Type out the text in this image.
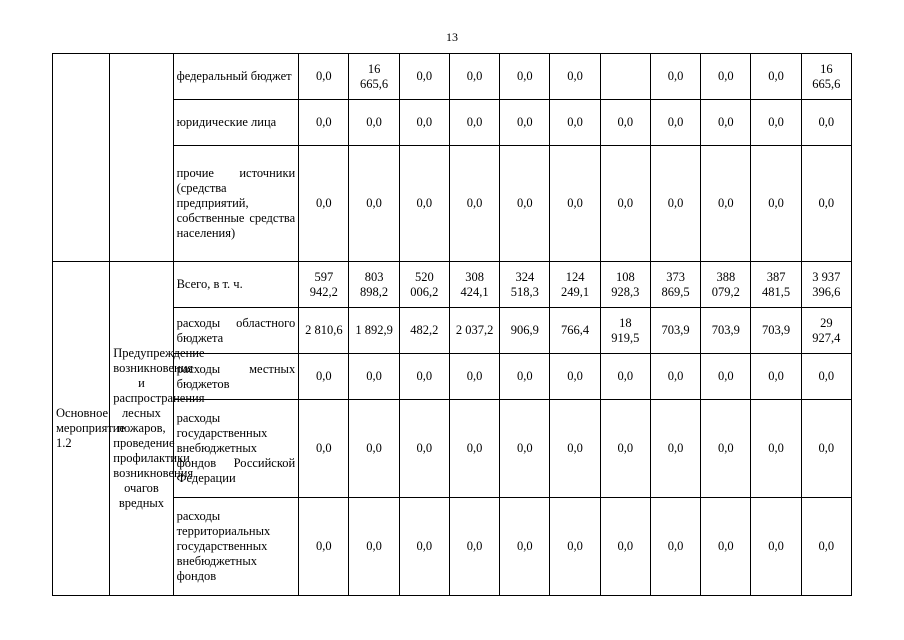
13
		федеральный бюджет	0,0	16 665,6	0,0	0,0	0,0	0,0		0,0	0,0	0,0	16 665,6
		юридические лица	0,0	0,0	0,0	0,0	0,0	0,0	0,0	0,0	0,0	0,0	0,0
		прочие источники (средства предприятий, собственные средства населения)	0,0	0,0	0,0	0,0	0,0	0,0	0,0	0,0	0,0	0,0	0,0
Основное мероприятие 1.2	Предупреждение возникновения и распространения лесных пожаров, проведение профилактики возникновения очагов вредных	Всего, в т. ч.	597 942,2	803 898,2	520 006,2	308 424,1	324 518,3	124 249,1	108 928,3	373 869,5	388 079,2	387 481,5	3 937 396,6
		расходы областного бюджета	2 810,6	1 892,9	482,2	2 037,2	906,9	766,4	18 919,5	703,9	703,9	703,9	29 927,4
		расходы местных бюджетов	0,0	0,0	0,0	0,0	0,0	0,0	0,0	0,0	0,0	0,0	0,0
		расходы государственных внебюджетных фондов Российской Федерации	0,0	0,0	0,0	0,0	0,0	0,0	0,0	0,0	0,0	0,0	0,0
		расходы территориальных государственных внебюджетных фондов	0,0	0,0	0,0	0,0	0,0	0,0	0,0	0,0	0,0	0,0	0,0
